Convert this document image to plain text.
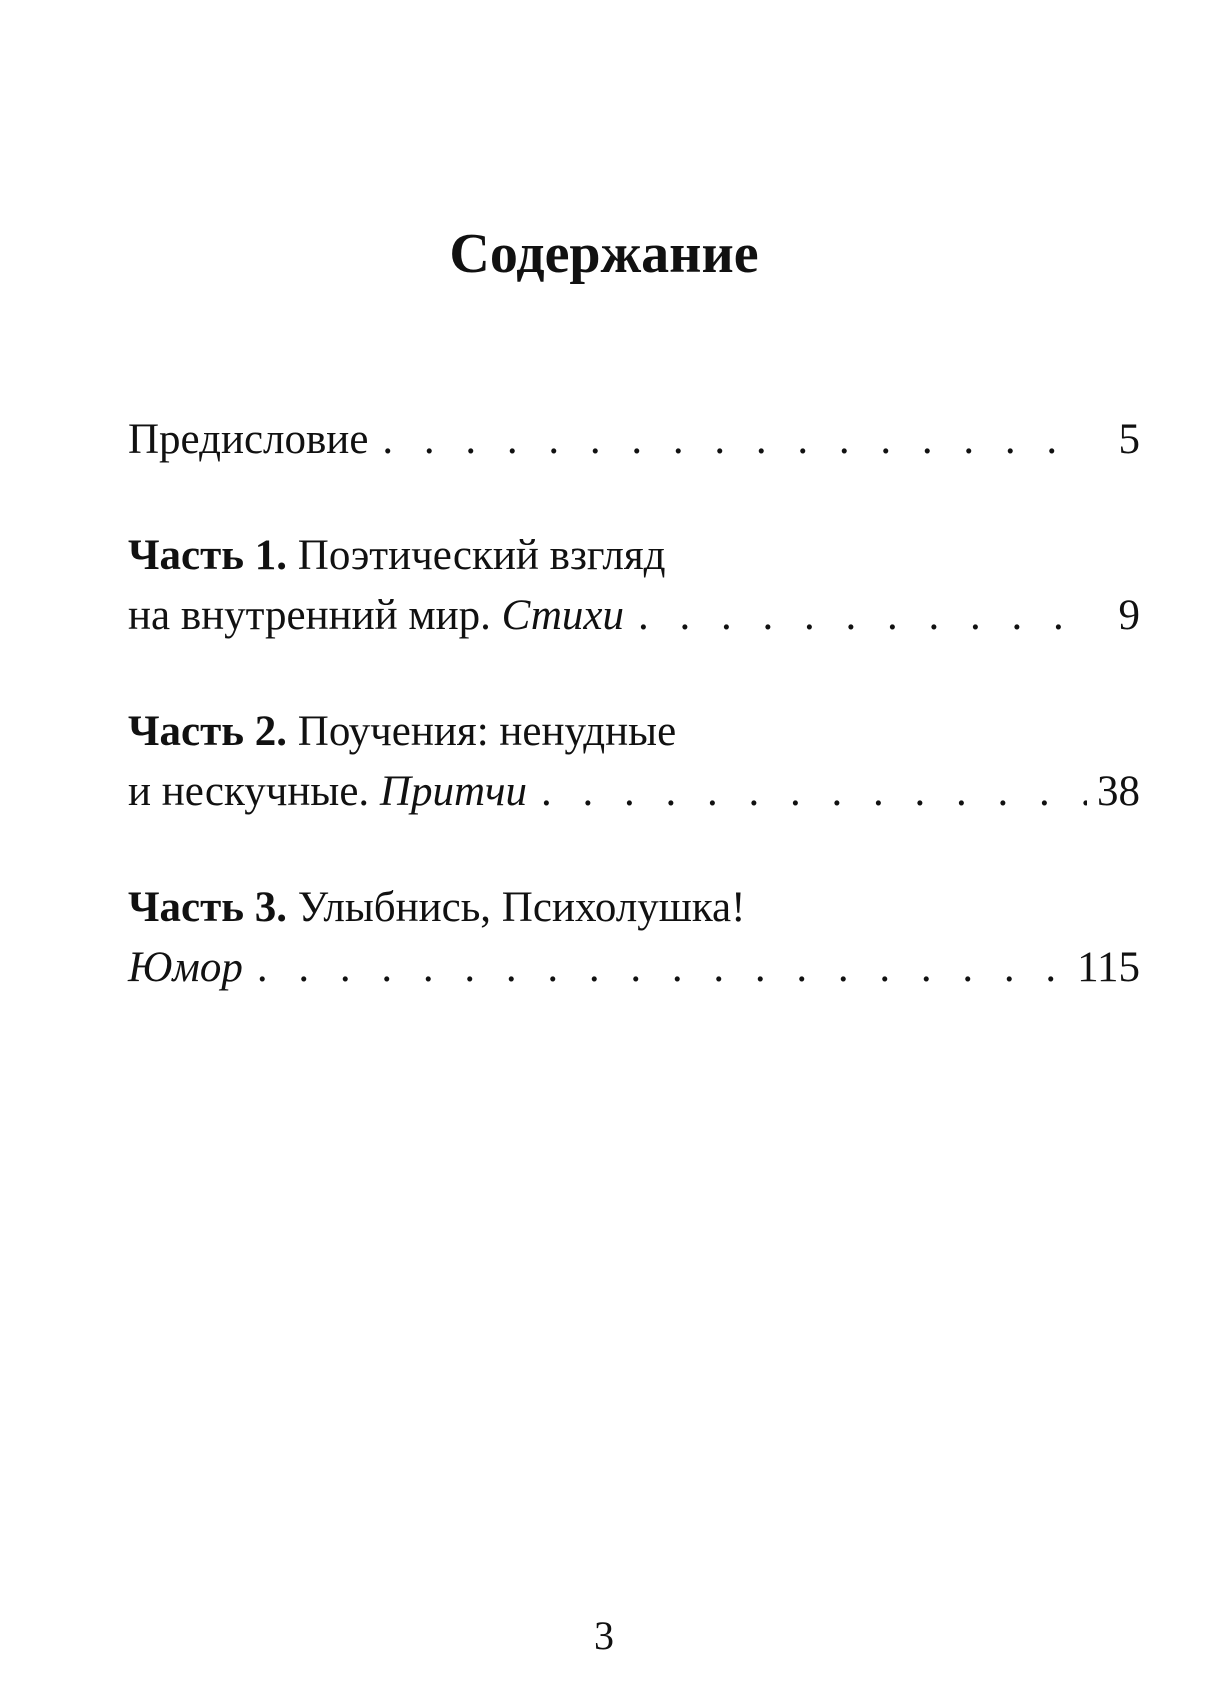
Содержание
Предисловие . . .	5
Часть 1. Поэтический взгляд
на внутренний мир.
Стихи . . .	9
Часть 2. Поучения: ненудные
и нескучные.
Притчи . . .	38
Часть 3. Улыбнись, Психолушка!
Юмор . . .	115
3
